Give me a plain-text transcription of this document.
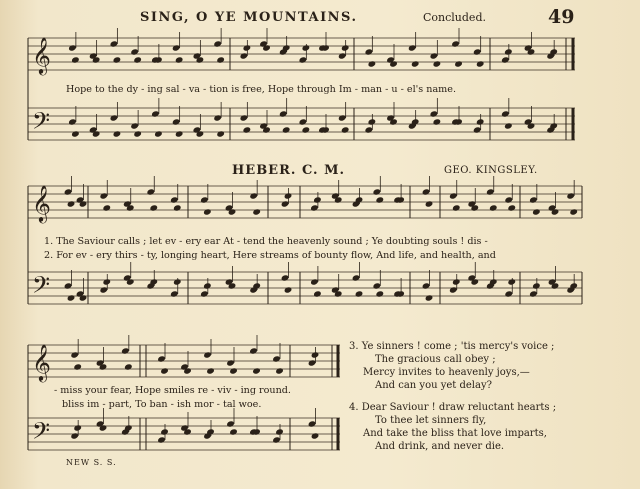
𝄞
𝄢
𝄞
𝄢
𝄞
𝄢
SING, O YE MOUNTAINS.	Concluded.	49
Hope to the dy - ing sal - va - tion is free, Hope through Im - man - u - el's name.
HEBER. C. M.	GEO. KINGSLEY.
1. The Saviour calls ; let ev - ery ear At - tend the heavenly sound ; Ye doubting souls ! dis -
2. For ev - ery thirs - ty, longing heart, Here streams of bounty flow, And life, and health, and
- miss your fear, Hope smiles re - viv - ing round.
bliss im - part, To ban - ish mor - tal woe.
3. Ye sinners ! come ; 'tis mercy's voice ;
The gracious call obey ;
Mercy invites to heavenly joys,—
And can you yet delay?
4. Dear Saviour ! draw reluctant hearts ;
To thee let sinners fly,
And take the bliss that love imparts,
And drink, and never die.
NEW S. S.
